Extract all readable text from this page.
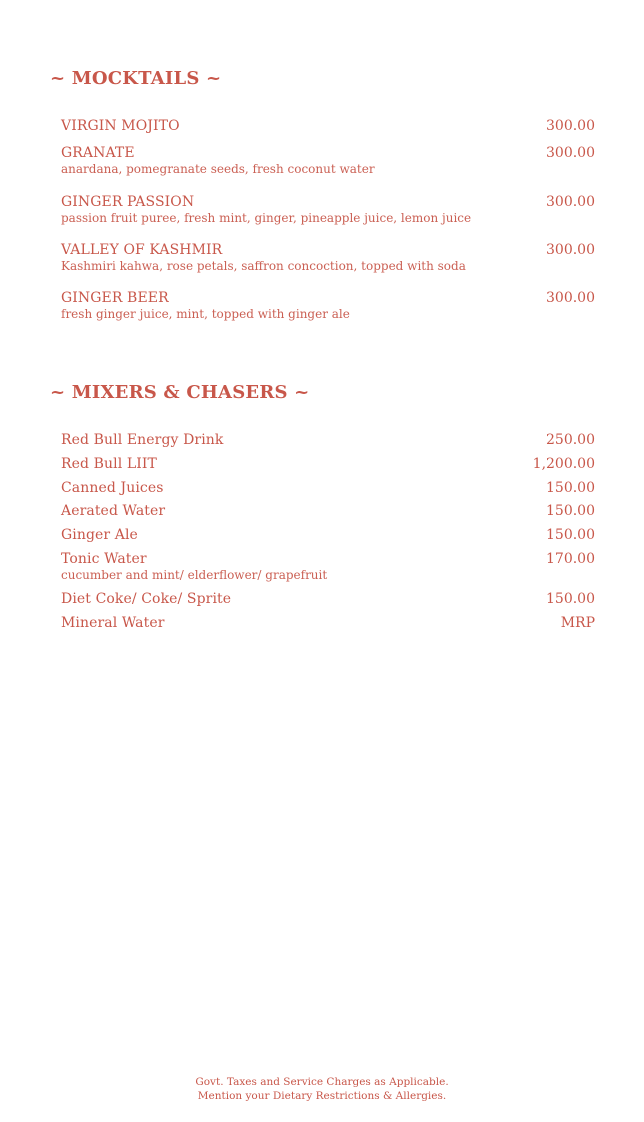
~ MOCKTAILS ~
VIRGIN MOJITO	300.00
GRANATE	300.00
anardana, pomegranate seeds, fresh coconut water
GINGER PASSION	300.00
passion fruit puree, fresh mint, ginger, pineapple juice, lemon juice
VALLEY OF KASHMIR	300.00
Kashmiri kahwa, rose petals, saffron concoction, topped with soda
GINGER BEER	300.00
fresh ginger juice, mint, topped with ginger ale
~ MIXERS & CHASERS ~
Red Bull Energy Drink	250.00
Red Bull LIIT	1,200.00
Canned Juices	150.00
Aerated Water	150.00
Ginger Ale	150.00
Tonic Water	170.00
cucumber and mint/ elderflower/ grapefruit
Diet Coke/ Coke/ Sprite	150.00
Mineral Water	MRP
Govt. Taxes and Service Charges as Applicable.
Mention your Dietary Restrictions & Allergies.
